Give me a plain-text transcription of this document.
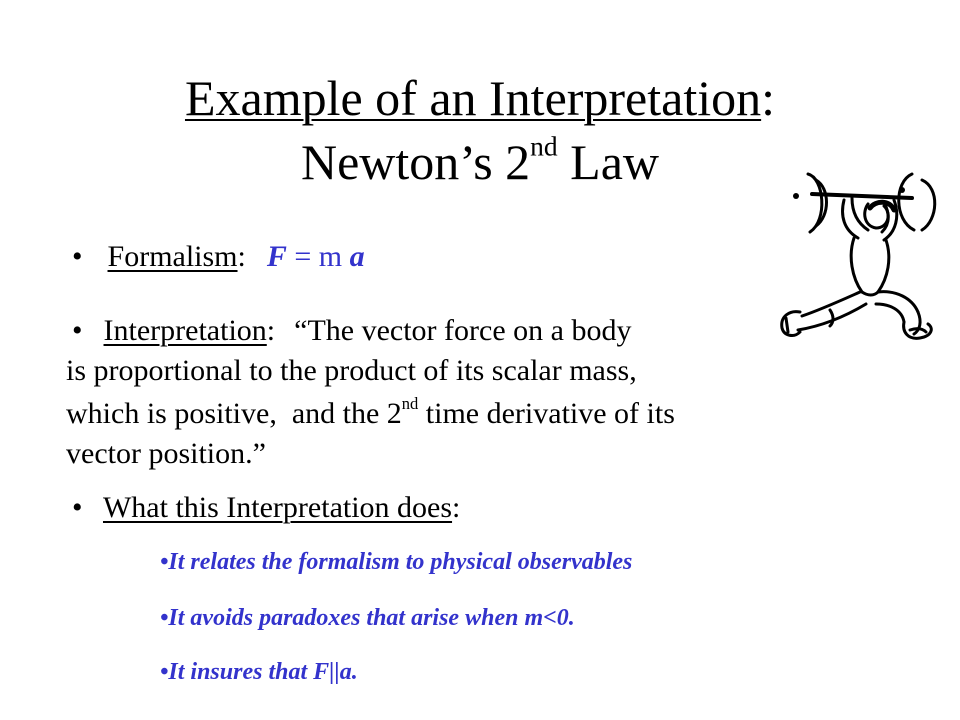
Example of an Interpretation:
Newton’s 2nd Law
• Formalism: F = m a
• Interpretation: “The vector force on a body
is proportional to the product of its scalar mass,
which is positive,  and the 2nd time derivative of its
vector position.”
• What this Interpretation does:
•It relates the formalism to physical observables
•It avoids paradoxes that arise when m<0.
•It insures that F||a.
